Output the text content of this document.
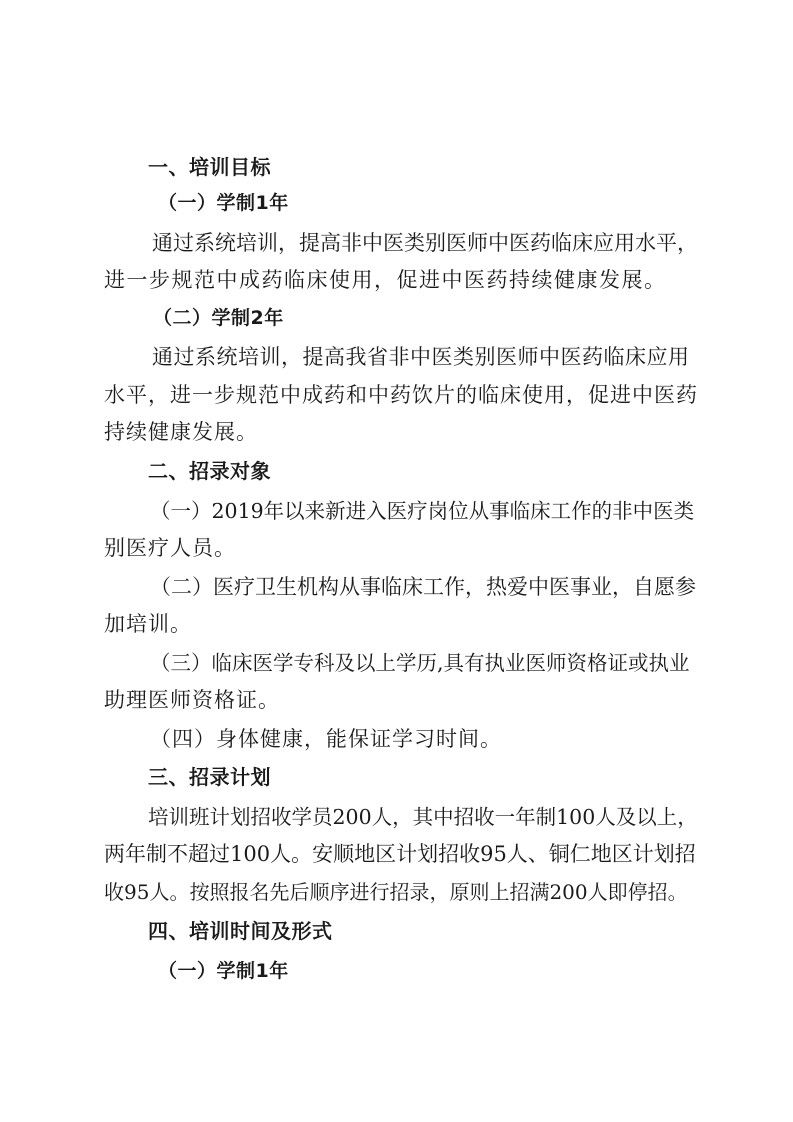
一、培训目标
（一）学制1年
通过系统培训，提高非中医类别医师中医药临床应用水平，
进一步规范中成药临床使用，促进中医药持续健康发展。
（二）学制2年
通过系统培训，提高我省非中医类别医师中医药临床应用
水平，进一步规范中成药和中药饮片的临床使用，促进中医药
持续健康发展。
二、招录对象
（一）2019年以来新进入医疗岗位从事临床工作的非中医类
别医疗人员。
（二）医疗卫生机构从事临床工作，热爱中医事业，自愿参
加培训。
（三）临床医学专科及以上学历,具有执业医师资格证或执业
助理医师资格证。
（四）身体健康，能保证学习时间。
三、招录计划
培训班计划招收学员200人，其中招收一年制100人及以上，
两年制不超过100人。安顺地区计划招收95人、铜仁地区计划招
收95人。按照报名先后顺序进行招录，原则上招满200人即停招。
四、培训时间及形式
（一）学制1年
